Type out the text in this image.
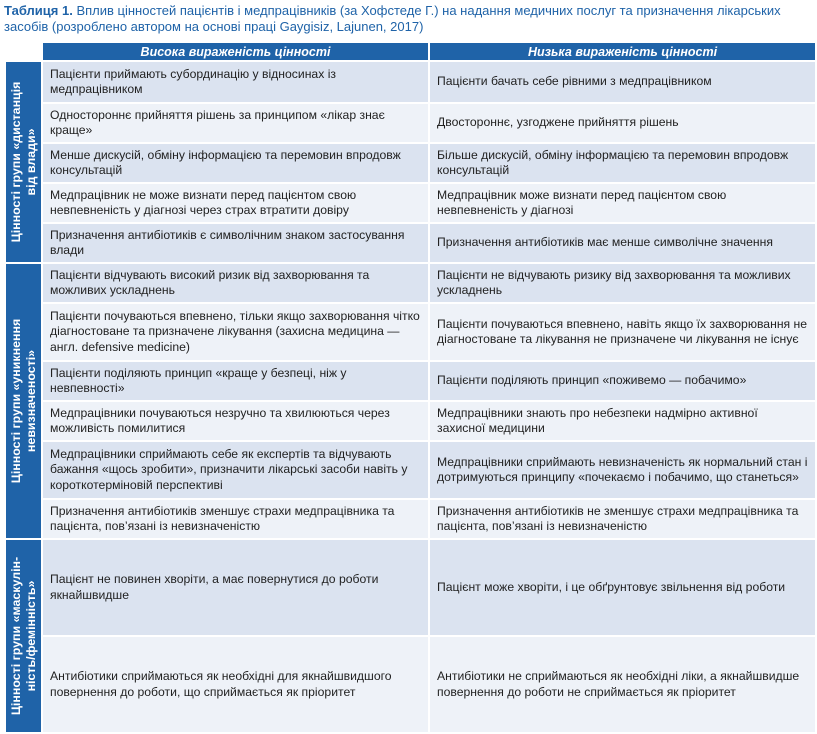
Таблиця 1. Вплив цінностей пацієнтів і медпрацівників (за Хофстеде Г.) на надання медичних послуг та призначення лікарських засобів (розроблено автором на основі праці Gaygisiz, Lajunen, 2017)
	Висока вираженість цінності	Низька вираженість цінності

Цінності групи «дистанція
від влади»	Пацієнти приймають субординацію у відносинах із медпрацівником	Пацієнти бачать себе рівними з медпрацівником
	Одностороннє прийняття рішень за принципом «лікар знає краще»	Двостороннє, узгоджене прийняття рішень
	Менше дискусій, обміну інформацією та перемовин впродовж консультацій	Більше дискусій, обміну інформацією та перемовин впродовж консультацій
	Медпрацівник не може визнати перед пацієнтом свою невпевненість у діагнозі через страх втратити довіру	Медпрацівник може визнати перед пацієнтом свою невпевненість у діагнозі
	Призначення антибіотиків є символічним знаком застосування влади	Призначення антибіотиків має менше символічне значення

Цінності групи «уникнення
невизначеності»	Пацієнти відчувають високий ризик від захворювання та можливих ускладнень	Пацієнти не відчувають ризику від захворювання та можливих ускладнень
	Пацієнти почуваються впевнено, тільки якщо захворювання чітко діагностоване та призначене лікування (захисна медицина — англ. defensive medicine)	Пацієнти почуваються впевнено, навіть якщо їх захворювання не діагностоване та лікування не призначене чи лікування не існує
	Пацієнти поділяють принцип «краще у безпеці, ніж у невпевності»	Пацієнти поділяють принцип «поживемо — побачимо»
	Медпрацівники почуваються незручно та хвилюються через можливість помилитися	Медпрацівники знають про небезпеки надмірно активної захисної медицини
	Медпрацівники сприймають себе як експертів та відчувають бажання «щось зробити», призначити лікарські засоби навіть у короткотерміновій перспективі	Медпрацівники сприймають невизначеність як нормальний стан і дотримуються принципу «почекаємо і побачимо, що станеться»
	Призначення антибіотиків зменшує страхи медпрацівника та пацієнта, пов’язані із невизначеністю	Призначення антибіотиків не зменшує страхи медпрацівника та пацієнта, пов’язані із невизначеністю

Цінності групи «маскулін-
ність/фемінність»	Пацієнт не повинен хворіти, а має повернутися до роботи якнайшвидше	Пацієнт може хворіти, і це обґрунтовує звільнення від роботи
	Антибіотики сприймаються як необхідні для якнайшвидшого повернення до роботи, що сприймається як пріоритет	Антибіотики не сприймаються як необхідні ліки, а якнайшвидше повернення до роботи не сприймається як пріоритет
